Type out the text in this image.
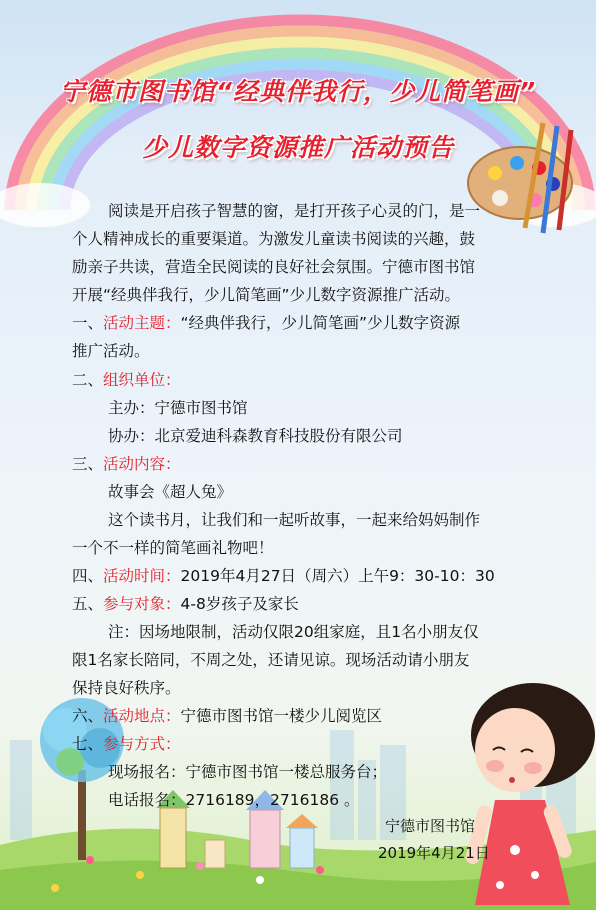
宁德市图书馆“经典伴我行，少儿简笔画”
少儿数字资源推广活动预告
阅读是开启孩子智慧的窗，是打开孩子心灵的门，是一
个人精神成长的重要渠道。为激发儿童读书阅读的兴趣，鼓
励亲子共读，营造全民阅读的良好社会氛围。宁德市图书馆
开展“经典伴我行，少儿简笔画”少儿数字资源推广活动。
一、活动主题：“经典伴我行，少儿简笔画”少儿数字资源
推广活动。
二、组织单位：
主办：宁德市图书馆
协办：北京爱迪科森教育科技股份有限公司
三、活动内容：
故事会《超人兔》
这个读书月，让我们和一起听故事，一起来给妈妈制作
一个不一样的简笔画礼物吧！
四、活动时间：2019年4月27日（周六）上午9：30-10：30
五、参与对象：4-8岁孩子及家长
注：因场地限制，活动仅限20组家庭，且1名小朋友仅
限1名家长陪同，不周之处，还请见谅。现场活动请小朋友
保持良好秩序。
六、活动地点：宁德市图书馆一楼少儿阅览区
七、参与方式：
现场报名：宁德市图书馆一楼总服务台；
电话报名：2716189，2716186 。
宁德市图书馆
2019年4月21日
